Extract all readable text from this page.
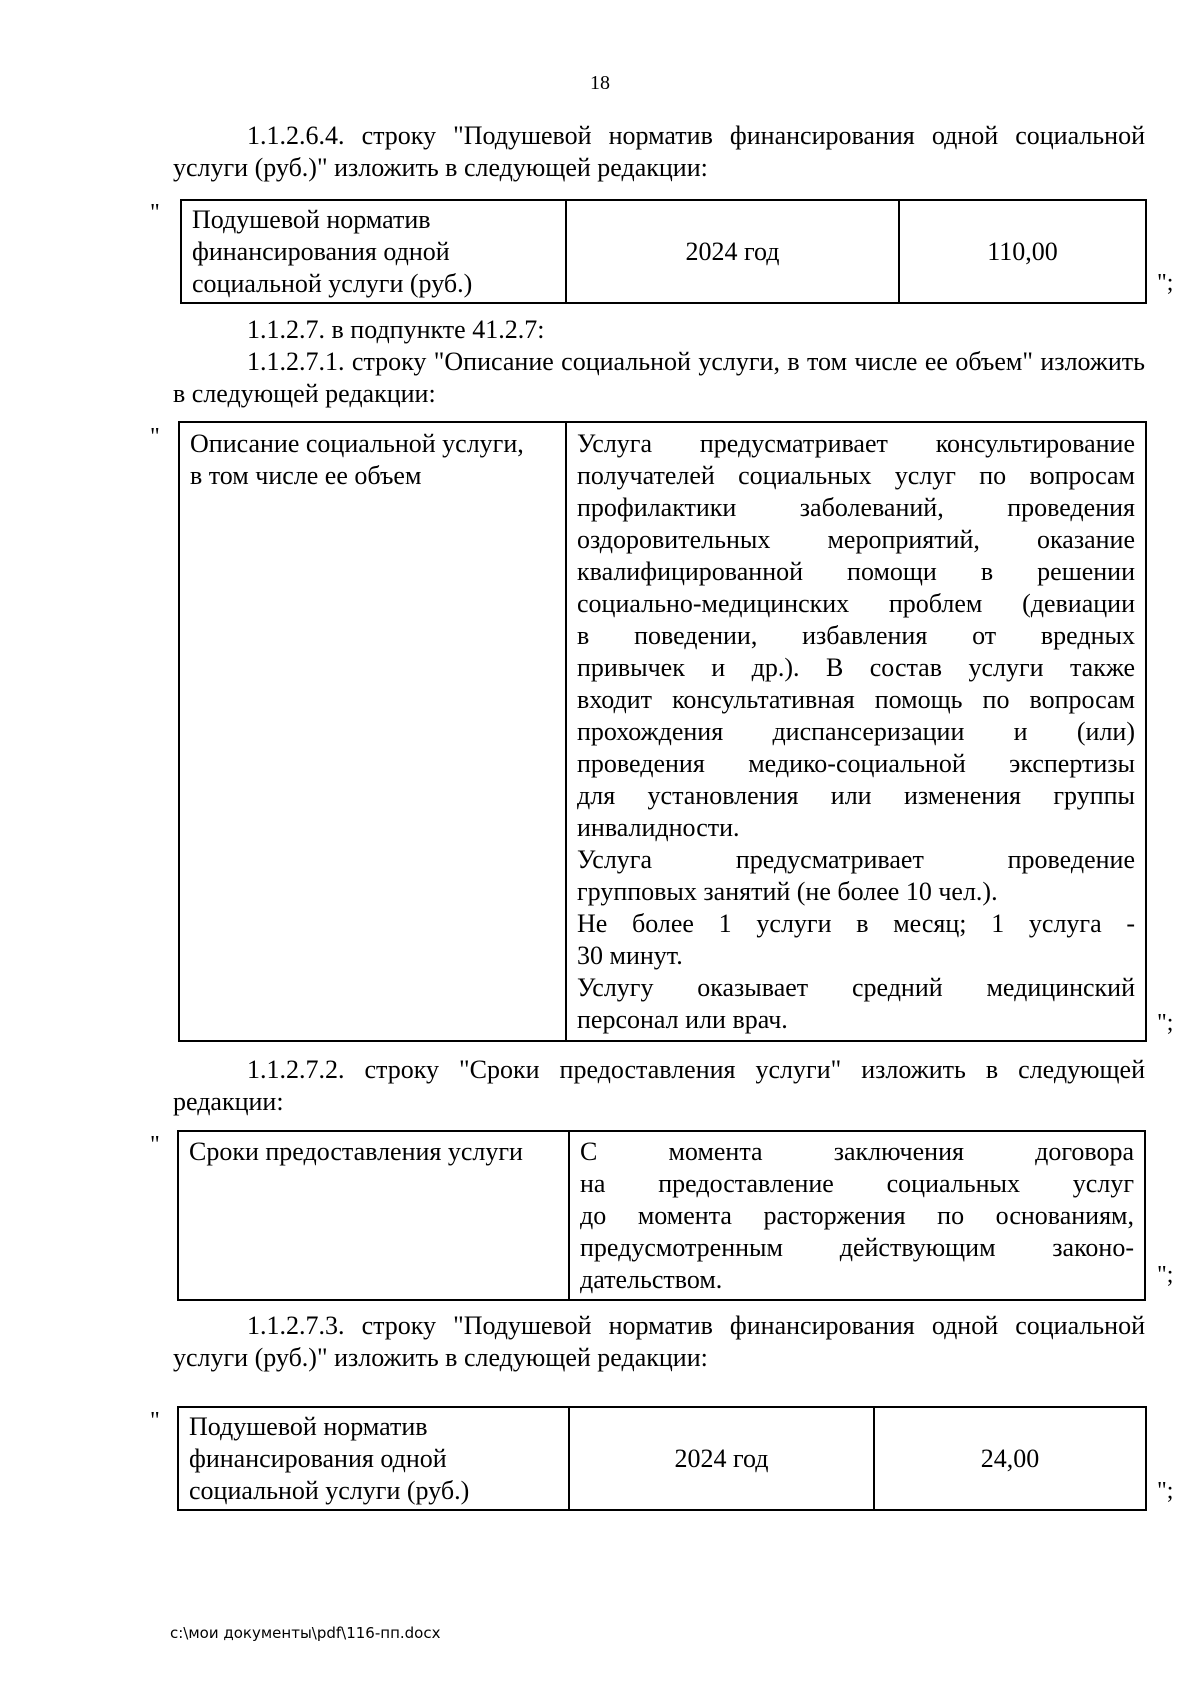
18

1.1.2.6.4. строку "Подушевой норматив финансирования одной социальной услуги (руб.)" изложить в следующей редакции:

" Подушевой норматив
финансирования одной
социальной услуги (руб.)
	2024 год	110,00
";
1.1.2.7. в подпункте 41.2.7:

1.1.2.7.1. строку "Описание социальной услуги, в том числе ее объем" изложить в следующей редакции:

" Описание социальной услуги,
в том числе ее объем

Услуга предусматривает консультирование
получателей социальных услуг по вопросам
профилактики заболеваний, проведения
оздоровительных мероприятий, оказание
квалифицированной помощи в решении
социально-медицинских проблем (девиации
в поведении, избавления от вредных
привычек и др.). В состав услуги также
входит консультативная помощь по вопросам
прохождения диспансеризации и (или)
проведения медико-социальной экспертизы
для установления или изменения группы
инвалидности.
Услуга предусматривает проведение
групповых занятий (не более 10 чел.).
Не более 1 услуги в месяц; 1 услуга -
30 минут.
Услугу оказывает средний медицинский
персонал или врач.	";

1.1.2.7.2. строку "Сроки предоставления услуги" изложить в следующей редакции:

" Сроки предоставления услуги	С момента заключения договора
на предоставление социальных услуг
до момента расторжения по основаниям,
предусмотренным действующим законо-
дательством.	";

1.1.2.7.3. строку "Подушевой норматив финансирования одной социальной услуги (руб.)" изложить в следующей редакции:

" Подушевой норматив
финансирования одной
социальной услуги (руб.)
	2024 год	24,00
";
c:\мои документы\pdf\116-пп.docx
